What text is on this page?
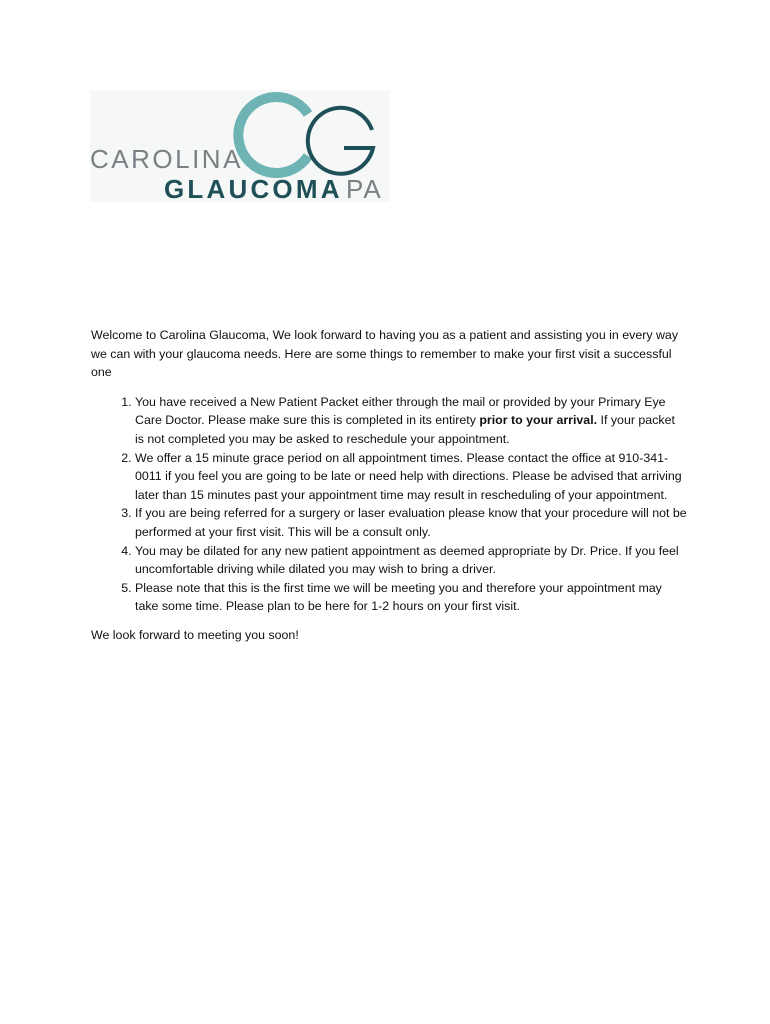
CAROLINA
GLAUCOMA PA

Welcome to Carolina Glaucoma, We look forward to having you as a patient and assisting you in every way we can with your glaucoma needs. Here are some things to remember to make your first visit a successful one

1. You have received a New Patient Packet either through the mail or provided by your Primary Eye Care Doctor. Please make sure this is completed in its entirety prior to your arrival. If your packet is not completed you may be asked to reschedule your appointment.
2. We offer a 15 minute grace period on all appointment times. Please contact the office at 910-341-0011 if you feel you are going to be late or need help with directions. Please be advised that arriving later than 15 minutes past your appointment time may result in rescheduling of your appointment.
3. If you are being referred for a surgery or laser evaluation please know that your procedure will not be performed at your first visit. This will be a consult only.
4. You may be dilated for any new patient appointment as deemed appropriate by Dr. Price. If you feel uncomfortable driving while dilated you may wish to bring a driver.
5. Please note that this is the first time we will be meeting you and therefore your appointment may take some time. Please plan to be here for 1-2 hours on your first visit.

We look forward to meeting you soon!
